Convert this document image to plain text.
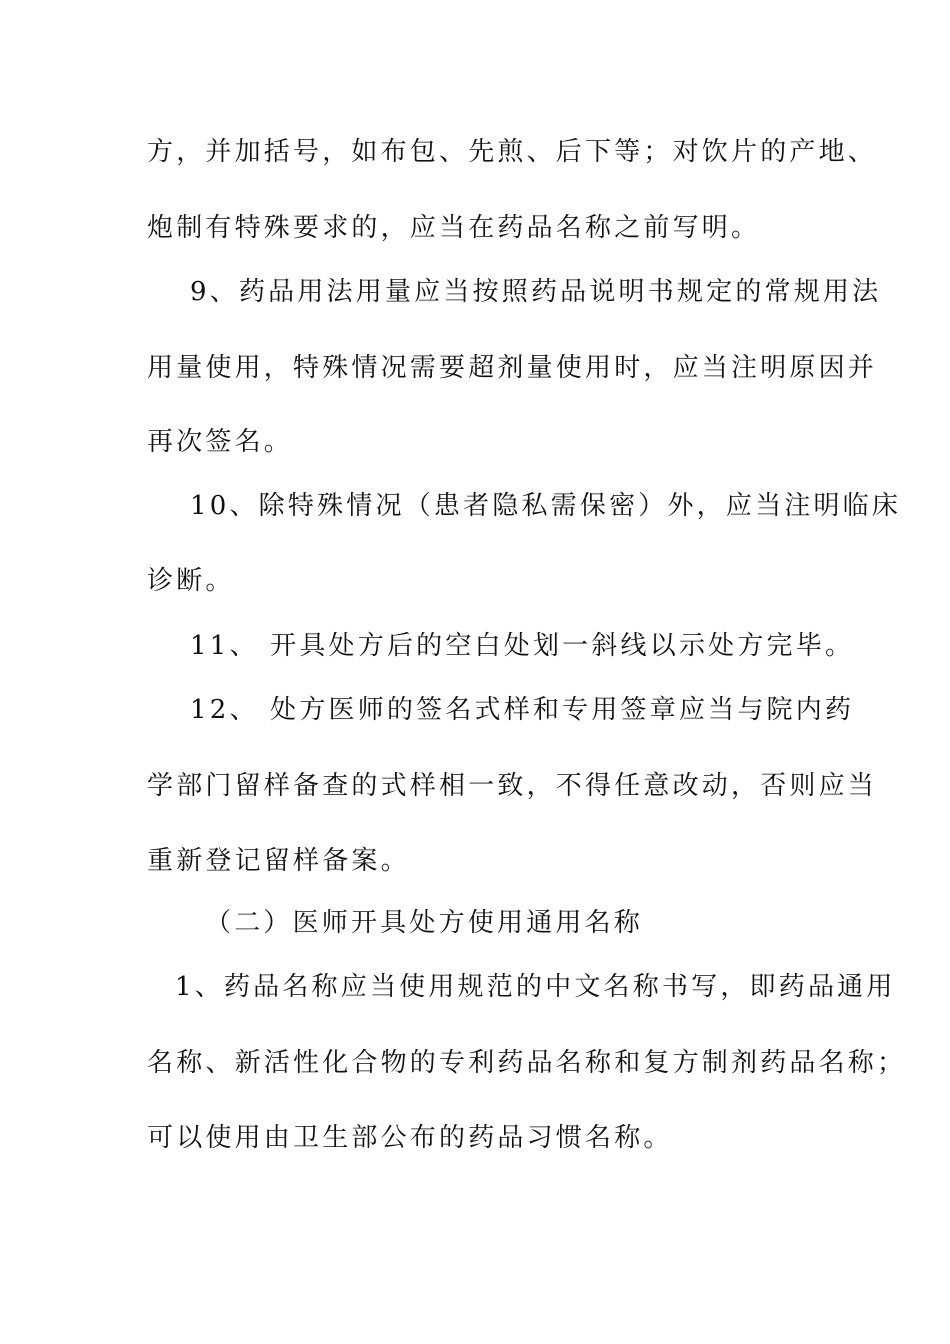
方，并加括号，如布包、先煎、后下等；对饮片的产地、
炮制有特殊要求的，应当在药品名称之前写明。
9、药品用法用量应当按照药品说明书规定的常规用法
用量使用，特殊情况需要超剂量使用时，应当注明原因并
再次签名。
10、除特殊情况（患者隐私需保密）外，应当注明临床
诊断。
11、 开具处方后的空白处划一斜线以示处方完毕。
12、 处方医师的签名式样和专用签章应当与院内药
学部门留样备查的式样相一致，不得任意改动，否则应当
重新登记留样备案。
（二）医师开具处方使用通用名称
1、药品名称应当使用规范的中文名称书写，即药品通用
名称、新活性化合物的专利药品名称和复方制剂药品名称；
可以使用由卫生部公布的药品习惯名称。
